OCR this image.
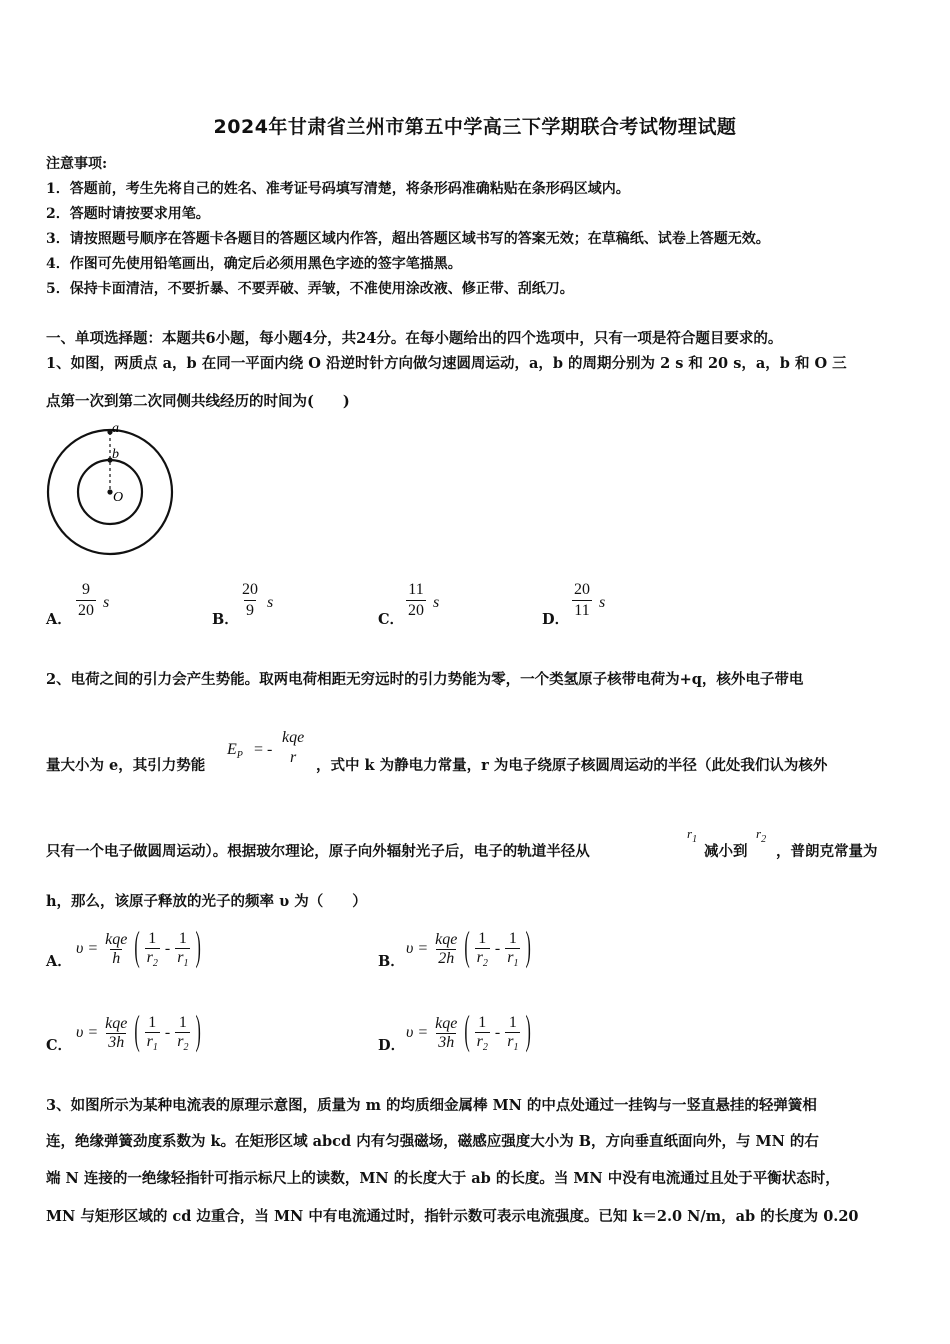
2024年甘肃省兰州市第五中学高三下学期联合考试物理试题
注意事项:
1．答题前，考生先将自己的姓名、准考证号码填写清楚，将条形码准确粘贴在条形码区域内。
2．答题时请按要求用笔。
3．请按照题号顺序在答题卡各题目的答题区域内作答，超出答题区域书写的答案无效；在草稿纸、试卷上答题无效。
4．作图可先使用铅笔画出，确定后必须用黑色字迹的签字笔描黑。
5．保持卡面清洁，不要折暴、不要弄破、弄皱，不准使用涂改液、修正带、刮纸刀。
一、单项选择题：本题共6小题，每小题4分，共24分。在每小题给出的四个选项中，只有一项是符合题目要求的。
1、如图，两质点 a，b 在同一平面内绕 O 沿逆时针方向做匀速圆周运动，a，b 的周期分别为 2 s 和 20 s，a，b 和 O 三
点第一次到第二次同侧共线经历的时间为(　　)
a
b
O
A． $\frac{9}{20}$ s
B． $\frac{20}{9}$ s
C． $\frac{11}{20}$ s
D． $\frac{20}{11}$ s
2、电荷之间的引力会产生势能。取两电荷相距无穷远时的引力势能为零，一个类氢原子核带电荷为+q，核外电子带电
量大小为 e，其引力势能
$E_P$ = -
kqe
r ，式中 k 为静电力常量，r 为电子绕原子核圆周运动的半径（此处我们认为核外
只有一个电子做圆周运动）。根据玻尔理论，原子向外辐射光子后，电子的轨道半径从
$r_1$
减小到
$r_2$
，普朗克常量为
h，那么，该原子释放的光子的频率 υ 为（　　）
A．
$\upsilon = \frac{\text{kqe}}{h}$ ( $\frac{1}{r_2} - \frac{1}{r_1}$ )	B．
$\upsilon = \frac{\text{kqe}}{2h}$ ( $\frac{1}{r_2} - \frac{1}{r_1}$ )
C．
$\upsilon = \frac{\text{kqe}}{3h}$ ( $\frac{1}{r_1} - \frac{1}{r_2}$ )	D．
$\upsilon = \frac{\text{kqe}}{3h}$ ( $\frac{1}{r_2} - \frac{1}{r_1}$ )
3、如图所示为某种电流表的原理示意图，质量为 m 的均质细金属棒 MN 的中点处通过一挂钩与一竖直悬挂的轻弹簧相
连，绝缘弹簧劲度系数为 k。在矩形区域 abcd 内有匀强磁场，磁感应强度大小为 B，方向垂直纸面向外，与 MN 的右
端 N 连接的一绝缘轻指针可指示标尺上的读数，MN 的长度大于 ab 的长度。当 MN 中没有电流通过且处于平衡状态时，
MN 与矩形区域的 cd 边重合，当 MN 中有电流通过时，指针示数可表示电流强度。已知 k＝2.0 N/m，ab 的长度为 0.20
